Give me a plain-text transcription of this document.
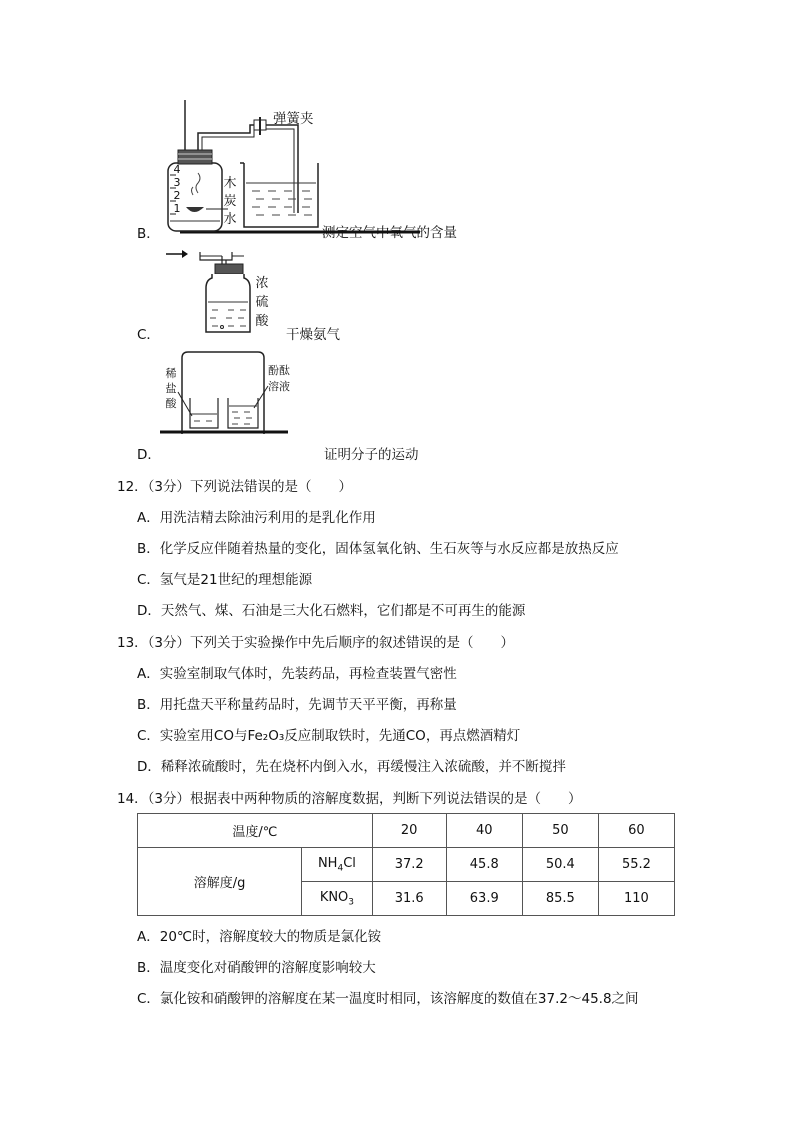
4
3
2
1
弹簧夹
木
炭
水
B．	测定空气中氧气的含量
浓
硫
酸
C．	干燥氨气
稀
盐
酸
酚酞
溶液
D．	证明分子的运动
12．（3分）下列说法错误的是（　　）
A．用洗洁精去除油污利用的是乳化作用
B．化学反应伴随着热量的变化，固体氢氧化钠、生石灰等与水反应都是放热反应
C．氢气是21世纪的理想能源
D．天然气、煤、石油是三大化石燃料，它们都是不可再生的能源
13．（3分）下列关于实验操作中先后顺序的叙述错误的是（　　）
A．实验室制取气体时，先装药品，再检查装置气密性
B．用托盘天平称量药品时，先调节天平平衡，再称量
C．实验室用CO与Fe₂O₃反应制取铁时，先通CO，再点燃酒精灯
D．稀释浓硫酸时，先在烧杯内倒入水，再缓慢注入浓硫酸，并不断搅拌
14．（3分）根据表中两种物质的溶解度数据，判断下列说法错误的是（　　）
温度/℃		20	40	50	60
溶解度/g	$NH_4Cl$	37.2	45.8	50.4	55.2
	$KNO_3$	31.6	63.9	85.5	110
A．20℃时，溶解度较大的物质是氯化铵
B．温度变化对硝酸钾的溶解度影响较大
C．氯化铵和硝酸钾的溶解度在某一温度时相同，该溶解度的数值在37.2～45.8之间
